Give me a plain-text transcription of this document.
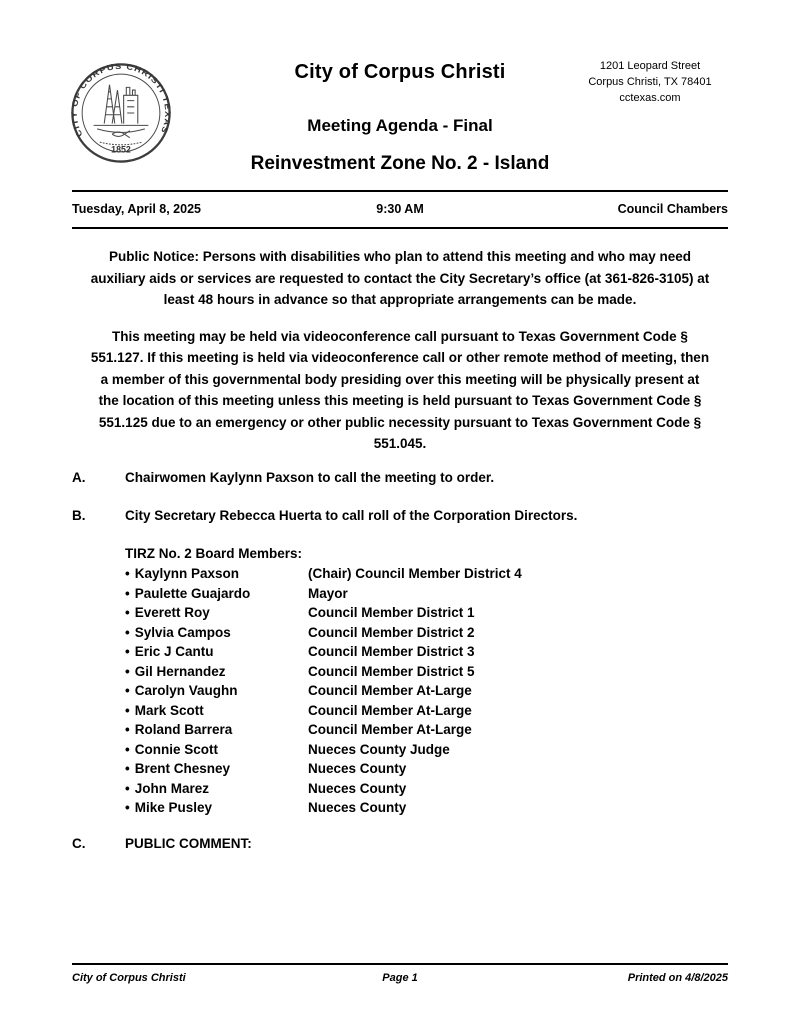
CITY OF CORPUS CHRISTI TEXAS
1852
City of Corpus Christi	1201 Leopard Street
Corpus Christi, TX 78401
cctexas.com
Meeting Agenda - Final
Reinvestment Zone No. 2 - Island
Tuesday, April 8, 2025	9:30 AM	Council Chambers
Public Notice: Persons with disabilities who plan to attend this meeting and who may need auxiliary aids or services are requested to contact the City Secretary’s office (at 361-826-3105) at least 48 hours in advance so that appropriate arrangements can be made.
This meeting may be held via videoconference call pursuant to Texas Government Code § 551.127. If this meeting is held via videoconference call or other remote method of meeting, then a member of this governmental body presiding over this meeting will be physically present at the location of this meeting unless this meeting is held pursuant to Texas Government Code § 551.125 due to an emergency or other public necessity pursuant to Texas Government Code § 551.045.
A.	Chairwomen Kaylynn Paxson to call the meeting to order.
B.	City Secretary Rebecca Huerta to call roll of the Corporation Directors.
TIRZ No. 2 Board Members:
• Kaylynn Paxson	(Chair) Council Member District 4
• Paulette Guajardo	Mayor
• Everett Roy	Council Member District 1
• Sylvia Campos	Council Member District 2
• Eric J Cantu	Council Member District 3
• Gil Hernandez	Council Member District 5
• Carolyn Vaughn	Council Member At-Large
• Mark Scott	Council Member At-Large
• Roland Barrera	Council Member At-Large
• Connie Scott	Nueces County Judge
• Brent Chesney	Nueces County
• John Marez	Nueces County
• Mike Pusley	Nueces County
C.	PUBLIC COMMENT:
City of Corpus Christi	Page 1	Printed on 4/8/2025
